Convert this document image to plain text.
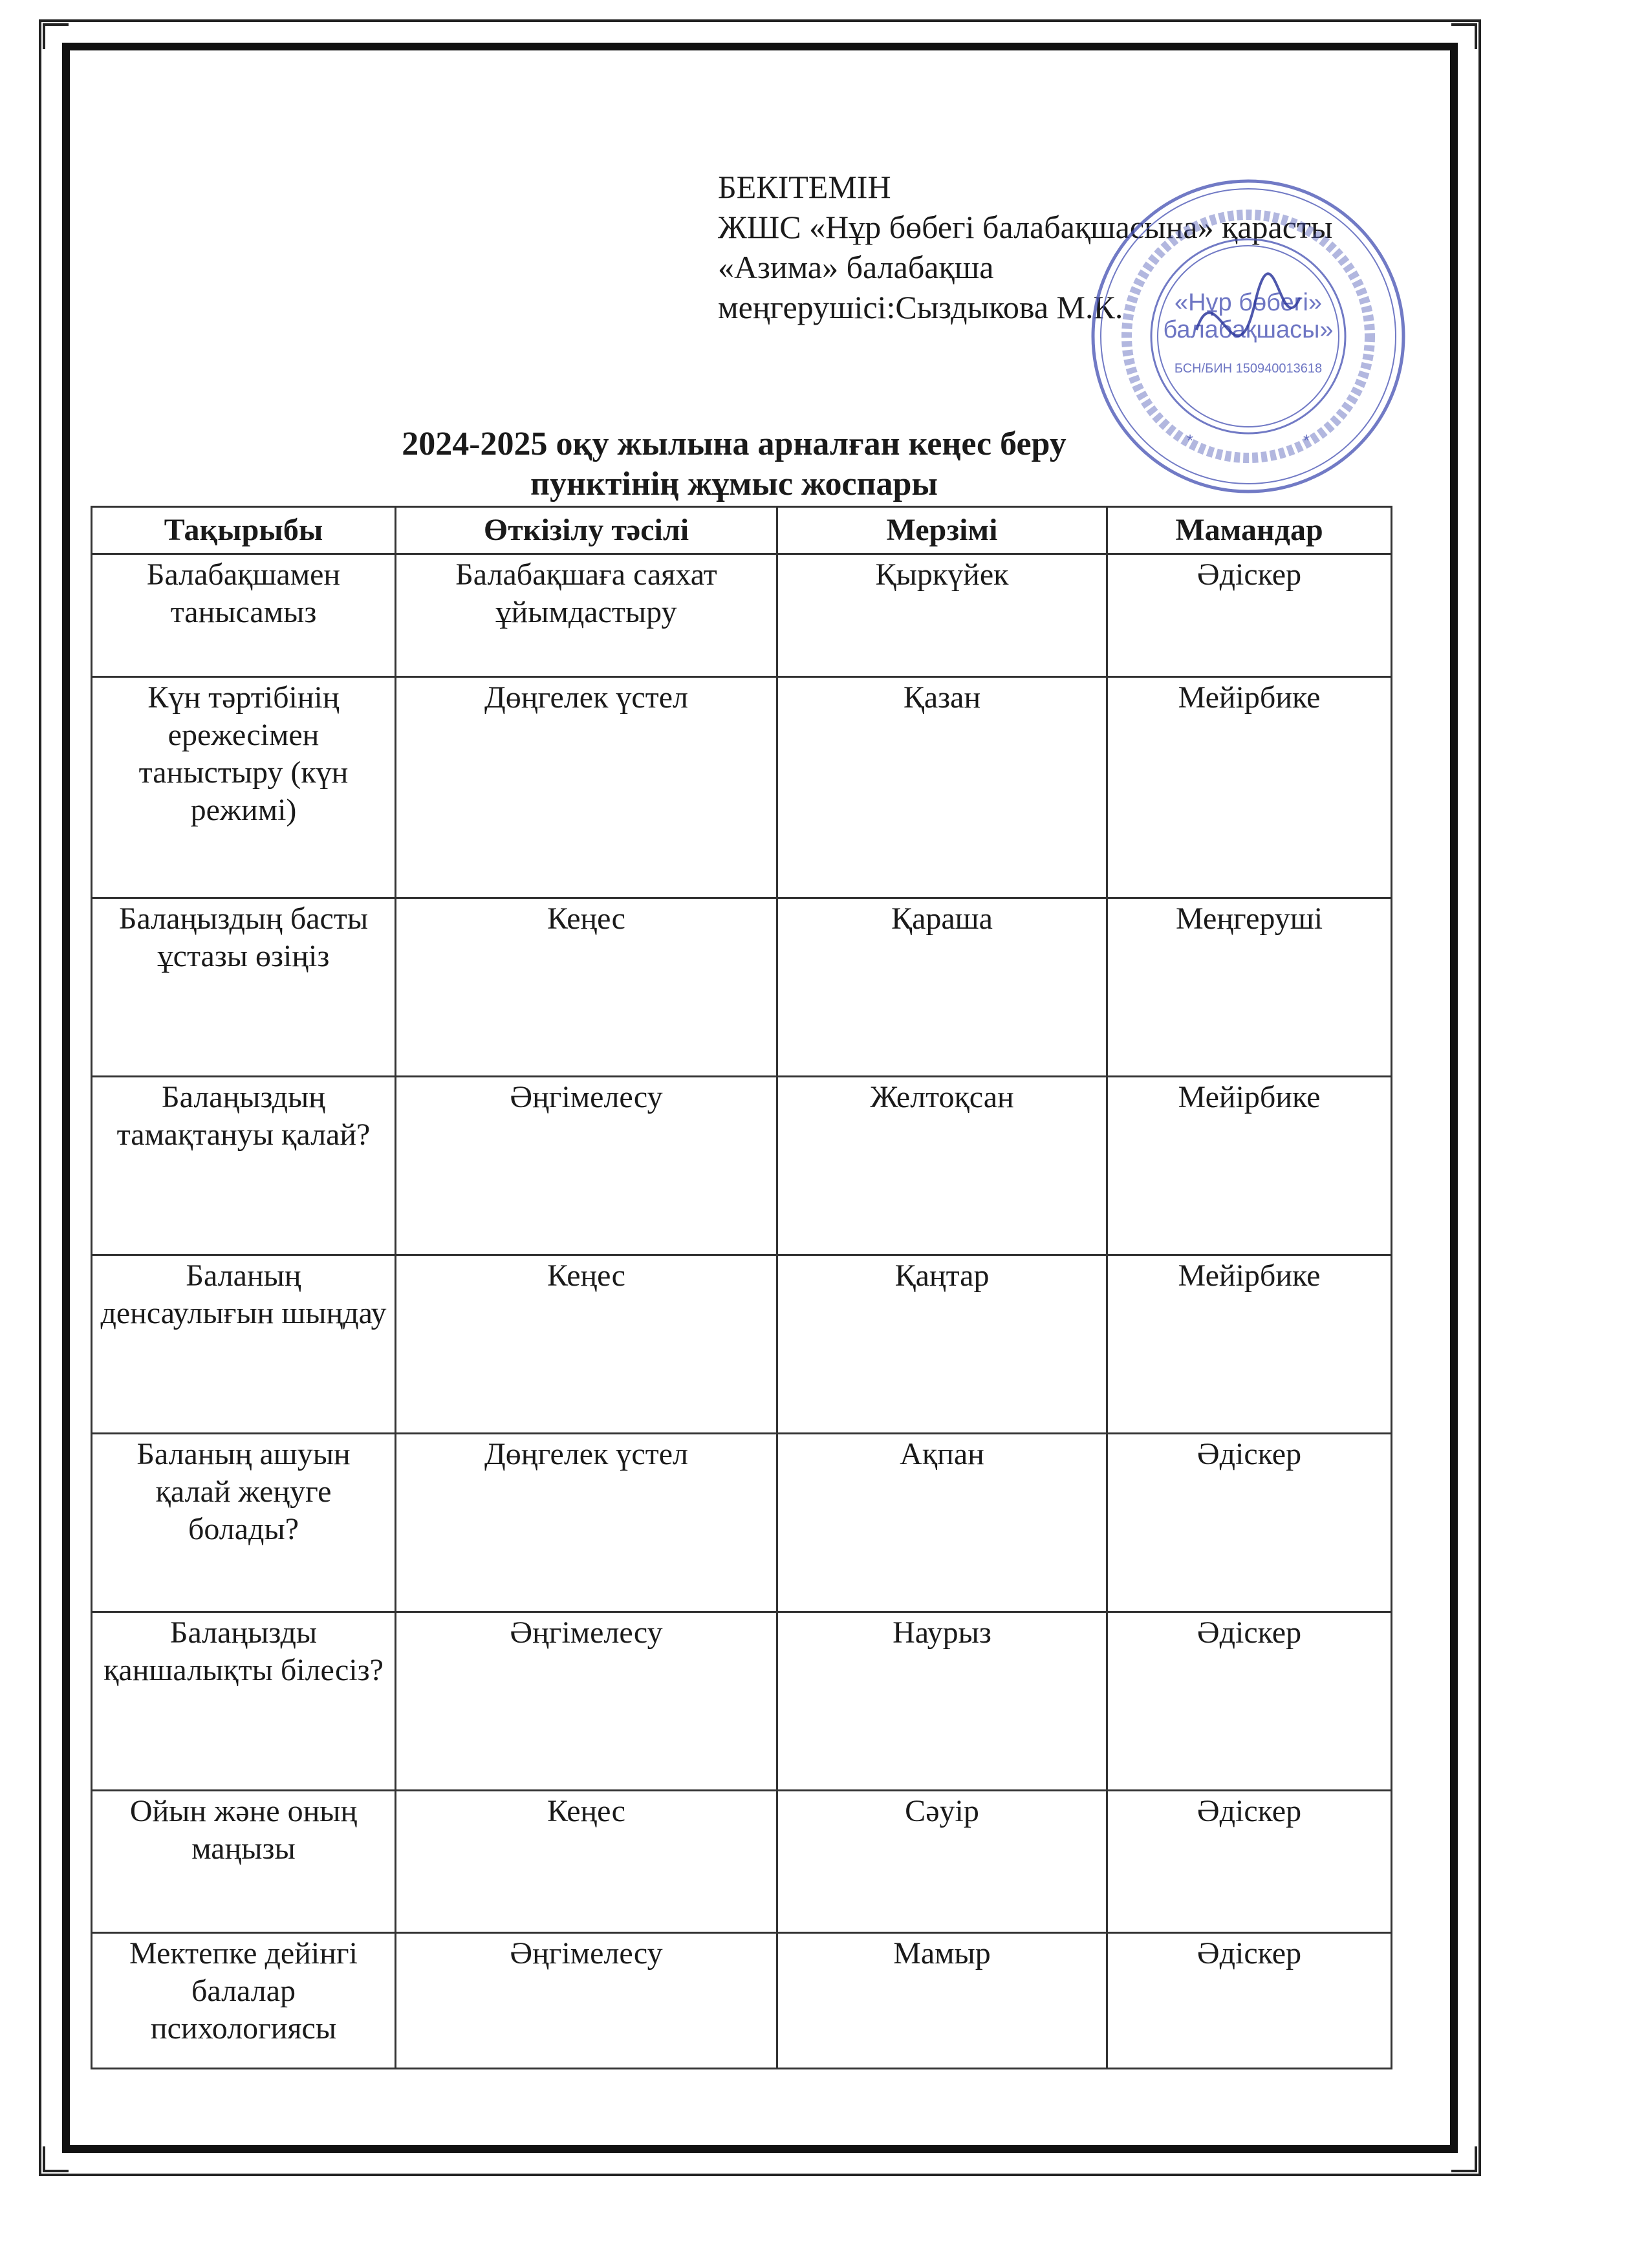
БЕКІТЕМІН
ЖШС «Нұр бөбегі балабақшасына» қарасты
«Азима» балабақша
меңгерушісі:Сыздыкова М.К.	«Нұр бөбегі»
балабақшасы»
БСН/БИН 150940013618
*	*
2024-2025 оқу жылына арналған кеңес беру
пунктінің жұмыс жоспары
Тақырыбы	Өткізілу тәсілі	Мерзімі	Мамандар
Балабақшамен танысамыз	Балабақшаға саяхат ұйымдастыру	Қыркүйек	Әдіскер
Күн тәртібінің ережесімен таныстыру (күн режимі)	Дөңгелек үстел	Қазан	Мейірбике
Балаңыздың басты ұстазы өзіңіз	Кеңес	Қараша	Меңгеруші
Балаңыздың тамақтануы қалай?	Әңгімелесу	Желтоқсан	Мейірбике
Баланың денсаулығын шыңдау	Кеңес	Қаңтар	Мейірбике
Баланың ашуын қалай жеңуге болады?	Дөңгелек үстел	Ақпан	Әдіскер
Балаңызды қаншалықты білесіз?	Әңгімелесу	Наурыз	Әдіскер
Ойын және оның маңызы	Кеңес	Сәуір	Әдіскер
Мектепке дейінгі балалар психологиясы	Әңгімелесу	Мамыр	Әдіскер
